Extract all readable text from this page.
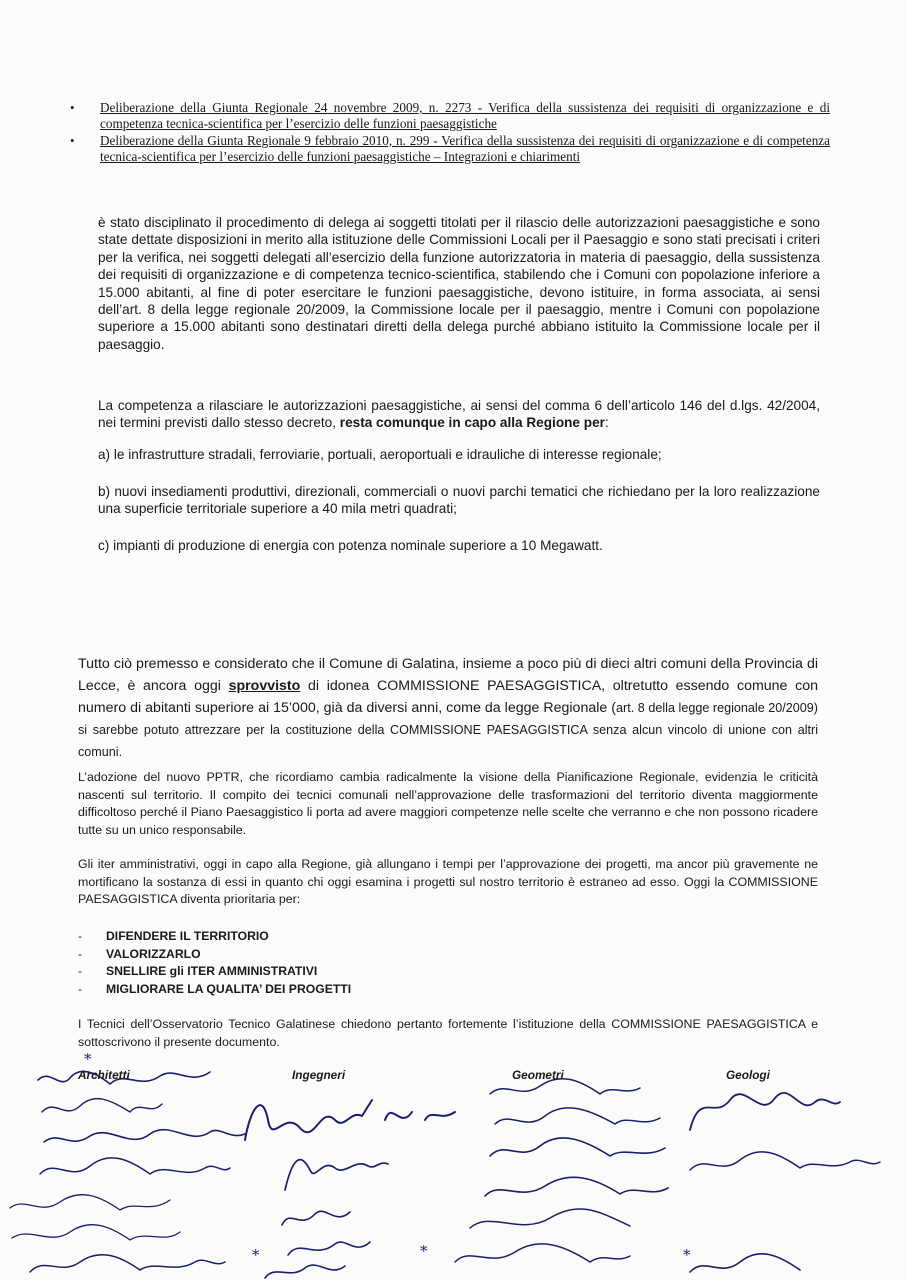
• Deliberazione della Giunta Regionale 24 novembre 2009, n. 2273 - Verifica della sussistenza dei requisiti di organizzazione e di competenza tecnica-scientifica per l’esercizio delle funzioni paesaggistiche
• Deliberazione della Giunta Regionale 9 febbraio 2010, n. 299 - Verifica della sussistenza dei requisiti di organizzazione e di competenza tecnica-scientifica per l’esercizio delle funzioni paesaggistiche – Integrazioni e chiarimenti
è stato disciplinato il procedimento di delega ai soggetti titolati per il rilascio delle autorizzazioni paesaggistiche e sono state dettate disposizioni in merito alla istituzione delle Commissioni Locali per il Paesaggio e sono stati precisati i criteri per la verifica, nei soggetti delegati all’esercizio della funzione autorizzatoria in materia di paesaggio, della sussistenza dei requisiti di organizzazione e di competenza tecnico-scientifica, stabilendo che i Comuni con popolazione inferiore a 15.000 abitanti, al fine di poter esercitare le funzioni paesaggistiche, devono istituire, in forma associata, ai sensi dell’art. 8 della legge regionale 20/2009, la Commissione locale per il paesaggio, mentre i Comuni con popolazione superiore a 15.000 abitanti sono destinatari diretti della delega purché abbiano istituito la Commissione locale per il paesaggio.
La competenza a rilasciare le autorizzazioni paesaggistiche, ai sensi del comma 6 dell’articolo 146 del d.lgs. 42/2004, nei termini previsti dallo stesso decreto, resta comunque in capo alla Regione per:
a) le infrastrutture stradali, ferroviarie, portuali, aeroportuali e idrauliche di interesse regionale;
b) nuovi insediamenti produttivi, direzionali, commerciali o nuovi parchi tematici che richiedano per la loro realizzazione una superficie territoriale superiore a 40 mila metri quadrati;
c) impianti di produzione di energia con potenza nominale superiore a 10 Megawatt.
Tutto ciò premesso e considerato che il Comune di Galatina, insieme a poco più di dieci altri comuni della Provincia di Lecce, è ancora oggi sprovvisto di idonea COMMISSIONE PAESAGGISTICA, oltretutto essendo comune con numero di abitanti superiore ai 15’000, già da diversi anni, come da legge Regionale (art. 8 della legge regionale 20/2009) si sarebbe potuto attrezzare per la costituzione della COMMISSIONE PAESAGGISTICA senza alcun vincolo di unione con altri comuni.
L’adozione del nuovo PPTR, che ricordiamo cambia radicalmente la visione della Pianificazione Regionale, evidenzia le criticità nascenti sul territorio. Il compito dei tecnici comunali nell’approvazione delle trasformazioni del territorio diventa maggiormente difficoltoso perché il Piano Paesaggistico li porta ad avere maggiori competenze nelle scelte che verranno e che non possono ricadere tutte su un unico responsabile.
Gli iter amministrativi, oggi in capo alla Regione, già allungano i tempi per l’approvazione dei progetti, ma ancor più gravemente ne mortificano la sostanza di essi in quanto chi oggi esamina i progetti sul nostro territorio è estraneo ad esso. Oggi la COMMISSIONE PAESAGGISTICA diventa prioritaria per:
- DIFENDERE IL TERRITORIO
- VALORIZZARLO
- SNELLIRE gli ITER AMMINISTRATIVI
- MIGLIORARE LA QUALITA’ DEI PROGETTI
I Tecnici dell’Osservatorio Tecnico Galatinese chiedono pertanto fortemente l’istituzione della COMMISSIONE PAESAGGISTICA e sottoscrivono il presente documento.
*
*	*	*
Architetti	Ingegneri	Geometri	Geologi
